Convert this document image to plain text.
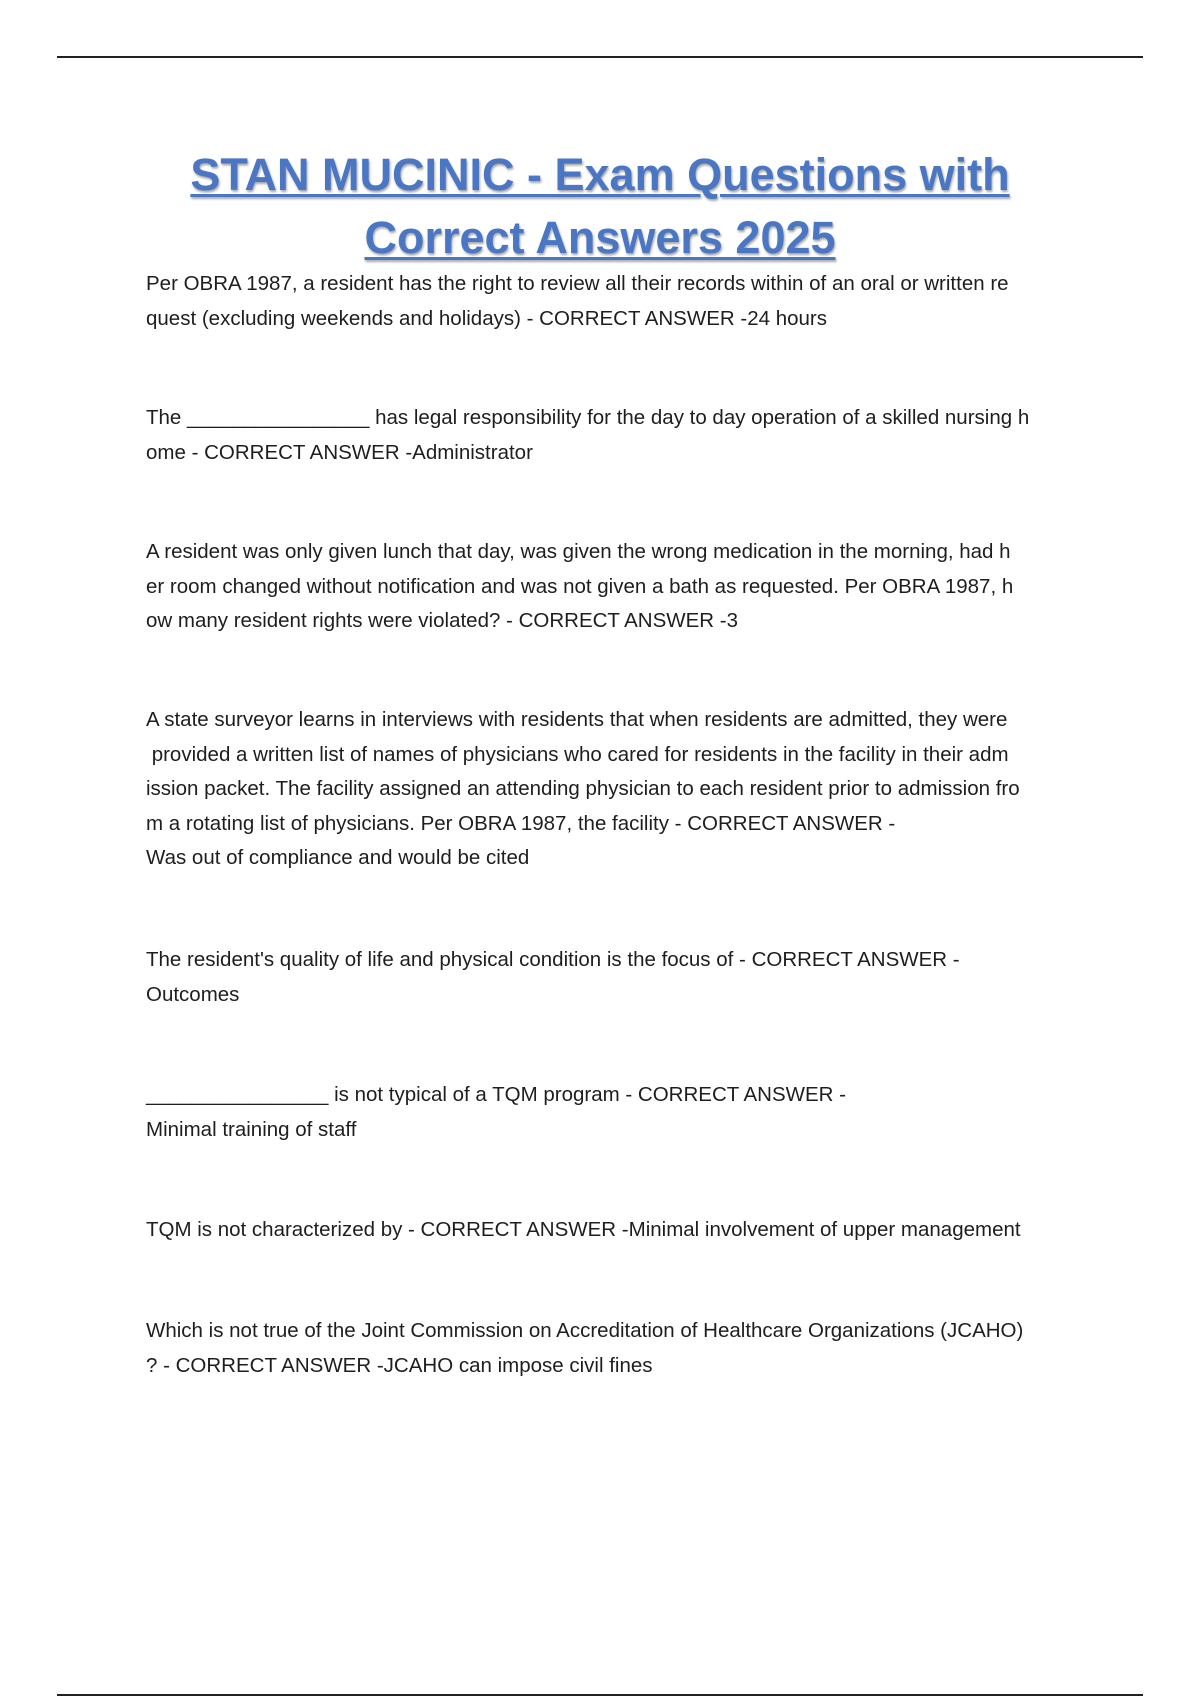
STAN MUCINIC - Exam Questions with
Correct Answers 2025

Per OBRA 1987, a resident has the right to review all their records within of an oral or written re
quest (excluding weekends and holidays) - CORRECT ANSWER -24 hours

The ________________ has legal responsibility for the day to day operation of a skilled nursing h
ome - CORRECT ANSWER -Administrator

A resident was only given lunch that day, was given the wrong medication in the morning, had h
er room changed without notification and was not given a bath as requested. Per OBRA 1987, h
ow many resident rights were violated? - CORRECT ANSWER -3

A state surveyor learns in interviews with residents that when residents are admitted, they were
provided a written list of names of physicians who cared for residents in the facility in their adm
ission packet. The facility assigned an attending physician to each resident prior to admission fro
m a rotating list of physicians. Per OBRA 1987, the facility - CORRECT ANSWER -
Was out of compliance and would be cited

The resident's quality of life and physical condition is the focus of - CORRECT ANSWER -
Outcomes

________________ is not typical of a TQM program - CORRECT ANSWER -
Minimal training of staff

TQM is not characterized by - CORRECT ANSWER -Minimal involvement of upper management

Which is not true of the Joint Commission on Accreditation of Healthcare Organizations (JCAHO)
? - CORRECT ANSWER -JCAHO can impose civil fines
